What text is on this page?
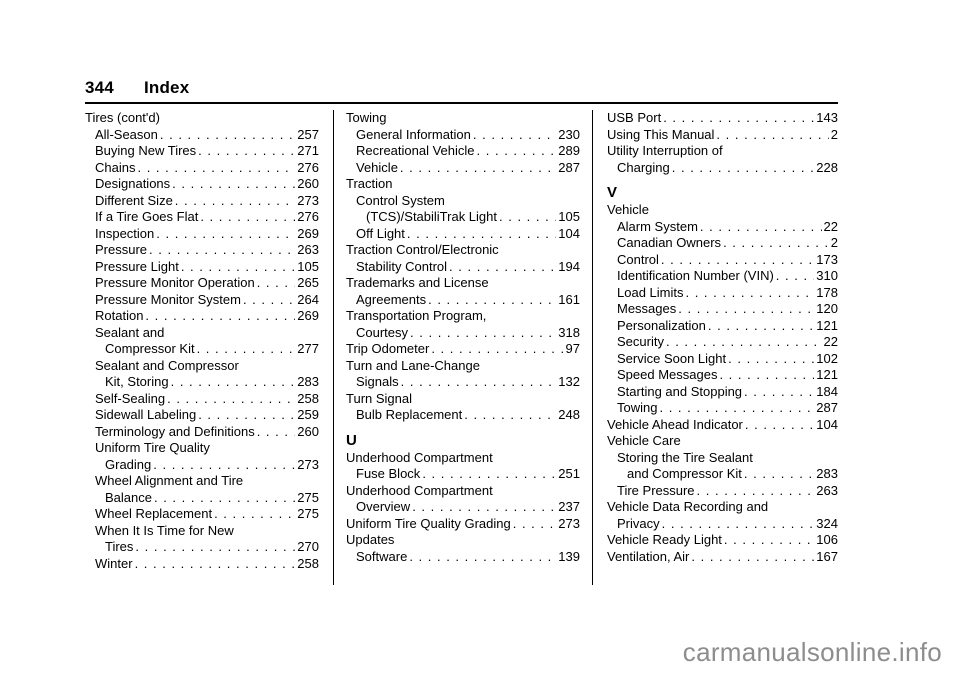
344 Index
Tires (cont'd)
All-Season . . .	257
Buying New Tires . . .	271
Chains . . .	276
Designations . . .	260
Different Size . . .	273
If a Tire Goes Flat . . .	276
Inspection . . .	269
Pressure . . .	263
Pressure Light . . .	105
Pressure Monitor Operation . . .	265
Pressure Monitor System . . .	264
Rotation . . .	269
Sealant and
Compressor Kit . . .	277
Sealant and Compressor
Kit, Storing . . .	283
Self-Sealing . . .	258
Sidewall Labeling . . .	259
Terminology and Definitions . . .	260
Uniform Tire Quality
Grading . . .	273
Wheel Alignment and Tire
Balance . . .	275
Wheel Replacement . . .	275
When It Is Time for New
Tires . . .	270
Winter . . .	258
Towing
General Information . . .	230
Recreational Vehicle . . .	289
Vehicle . . .	287
Traction
Control System
(TCS)/StabiliTrak Light . . .	105
Off Light . . .	104
Traction Control/Electronic
Stability Control . . .	194
Trademarks and License
Agreements . . .	161
Transportation Program,
Courtesy . . .	318
Trip Odometer . . .	97
Turn and Lane-Change
Signals . . .	132
Turn Signal
Bulb Replacement . . .	248
U
Underhood Compartment
Fuse Block . . .	251
Underhood Compartment
Overview . . .	237
Uniform Tire Quality Grading . . .	273
Updates
Software . . .	139
USB Port . . .	143
Using This Manual . . .	2
Utility Interruption of
Charging . . .	228
V
Vehicle
Alarm System . . .	22
Canadian Owners . . .	2
Control . . .	173
Identification Number (VIN) . . .	310
Load Limits . . .	178
Messages . . .	120
Personalization . . .	121
Security . . .	22
Service Soon Light . . .	102
Speed Messages . . .	121
Starting and Stopping . . .	184
Towing . . .	287
Vehicle Ahead Indicator . . .	104
Vehicle Care
Storing the Tire Sealant
and Compressor Kit . . .	283
Tire Pressure . . .	263
Vehicle Data Recording and
Privacy . . .	324
Vehicle Ready Light . . .	106
Ventilation, Air . . .	167
carmanualsonline.info
